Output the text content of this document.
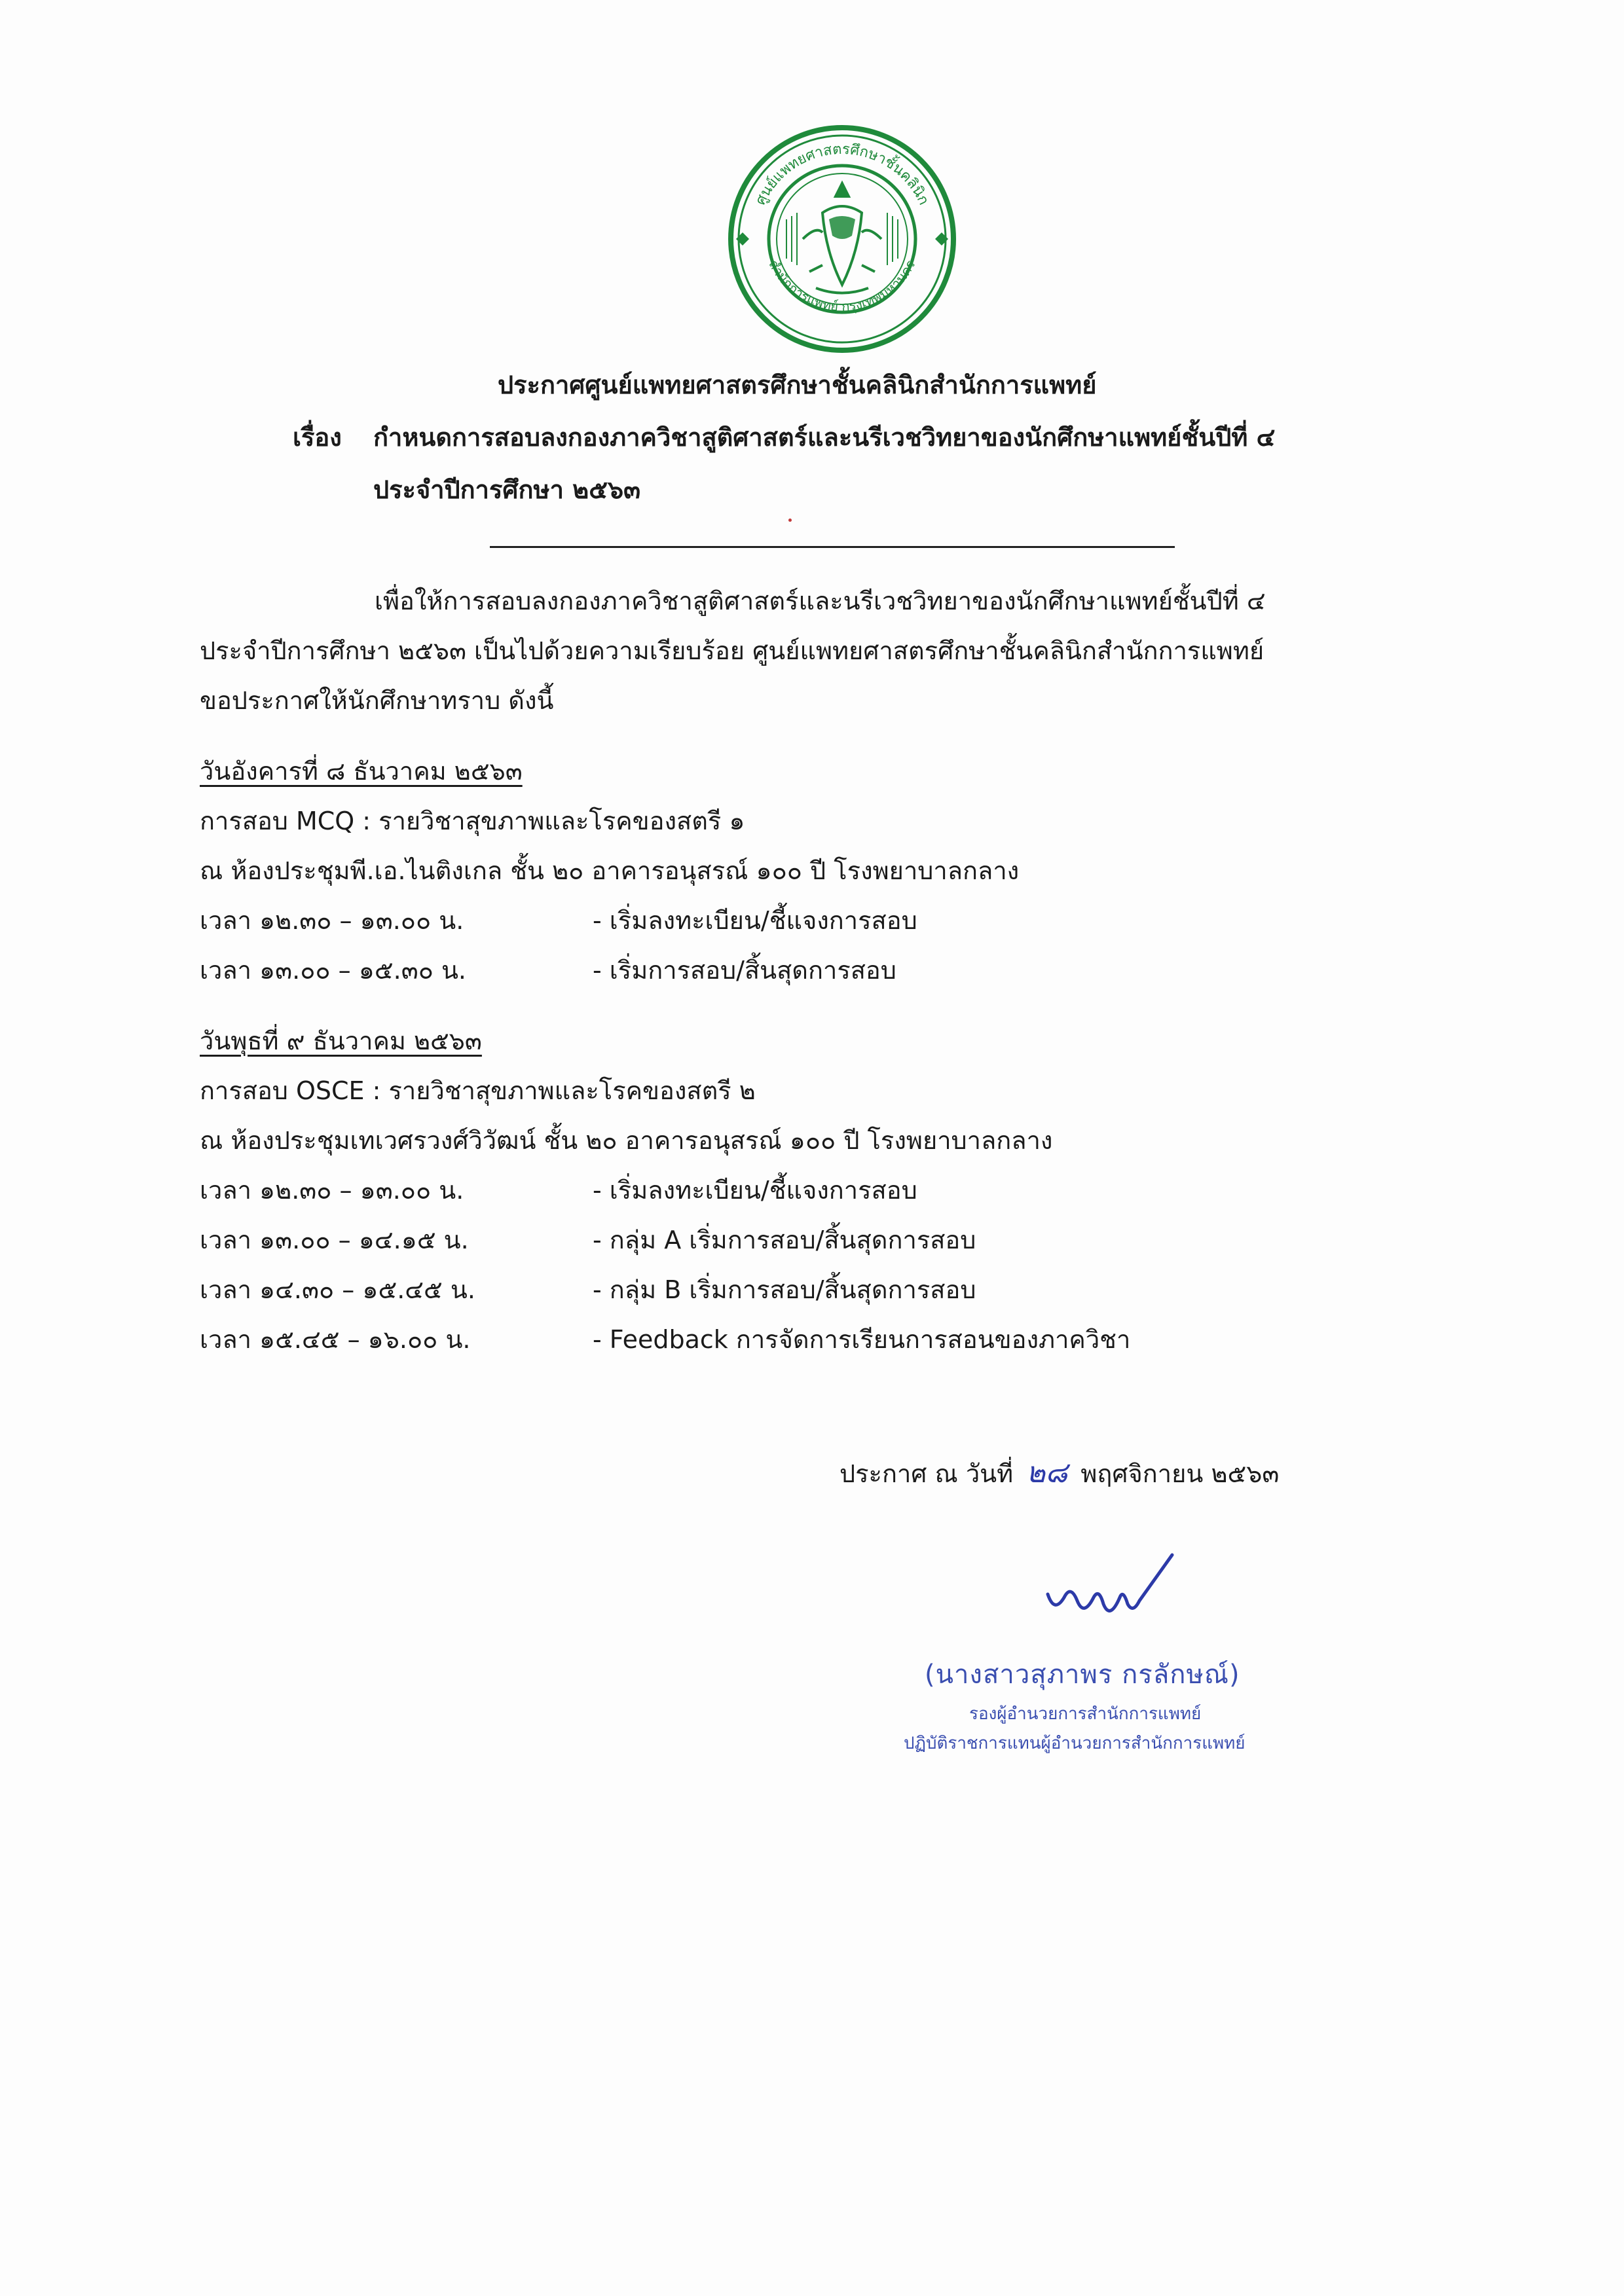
ศูนย์แพทยศาสตรศึกษาชั้นคลินิก
สำนักการแพทย์ กรุงเทพมหานคร
ประกาศศูนย์แพทยศาสตรศึกษาชั้นคลินิกสำนักการแพทย์
เรื่อง กำหนดการสอบลงกองภาควิชาสูติศาสตร์และนรีเวชวิทยาของนักศึกษาแพทย์ชั้นปีที่ ๔
ประจำปีการศึกษา ๒๕๖๓
เพื่อให้การสอบลงกองภาควิชาสูติศาสตร์และนรีเวชวิทยาของนักศึกษาแพทย์ชั้นปีที่ ๔
ประจำปีการศึกษา ๒๕๖๓ เป็นไปด้วยความเรียบร้อย ศูนย์แพทยศาสตรศึกษาชั้นคลินิกสำนักการแพทย์
ขอประกาศให้นักศึกษาทราบ ดังนี้
วันอังคารที่ ๘ ธันวาคม ๒๕๖๓
การสอบ MCQ : รายวิชาสุขภาพและโรคของสตรี ๑
ณ ห้องประชุมพี.เอ.ไนติงเกล ชั้น ๒๐ อาคารอนุสรณ์ ๑๐๐ ปี โรงพยาบาลกลาง
เวลา ๑๒.๓๐ – ๑๓.๐๐ น.	- เริ่มลงทะเบียน/ชี้แจงการสอบ
เวลา ๑๓.๐๐ – ๑๕.๓๐ น.	- เริ่มการสอบ/สิ้นสุดการสอบ
วันพุธที่ ๙ ธันวาคม ๒๕๖๓
การสอบ OSCE : รายวิชาสุขภาพและโรคของสตรี ๒
ณ ห้องประชุมเทเวศรวงศ์วิวัฒน์ ชั้น ๒๐ อาคารอนุสรณ์ ๑๐๐ ปี โรงพยาบาลกลาง
เวลา ๑๒.๓๐ – ๑๓.๐๐ น.	- เริ่มลงทะเบียน/ชี้แจงการสอบ
เวลา ๑๓.๐๐ – ๑๔.๑๕ น.	- กลุ่ม A เริ่มการสอบ/สิ้นสุดการสอบ
เวลา ๑๔.๓๐ – ๑๕.๔๕ น.	- กลุ่ม B เริ่มการสอบ/สิ้นสุดการสอบ
เวลา ๑๕.๔๕ – ๑๖.๐๐ น.	- Feedback การจัดการเรียนการสอนของภาควิชา
ประกาศ ณ วันที่ ๒๘ พฤศจิกายน ๒๕๖๓
(นางสาวสุภาพร กรลักษณ์)
รองผู้อำนวยการสำนักการแพทย์
ปฏิบัติราชการแทนผู้อำนวยการสำนักการแพทย์
